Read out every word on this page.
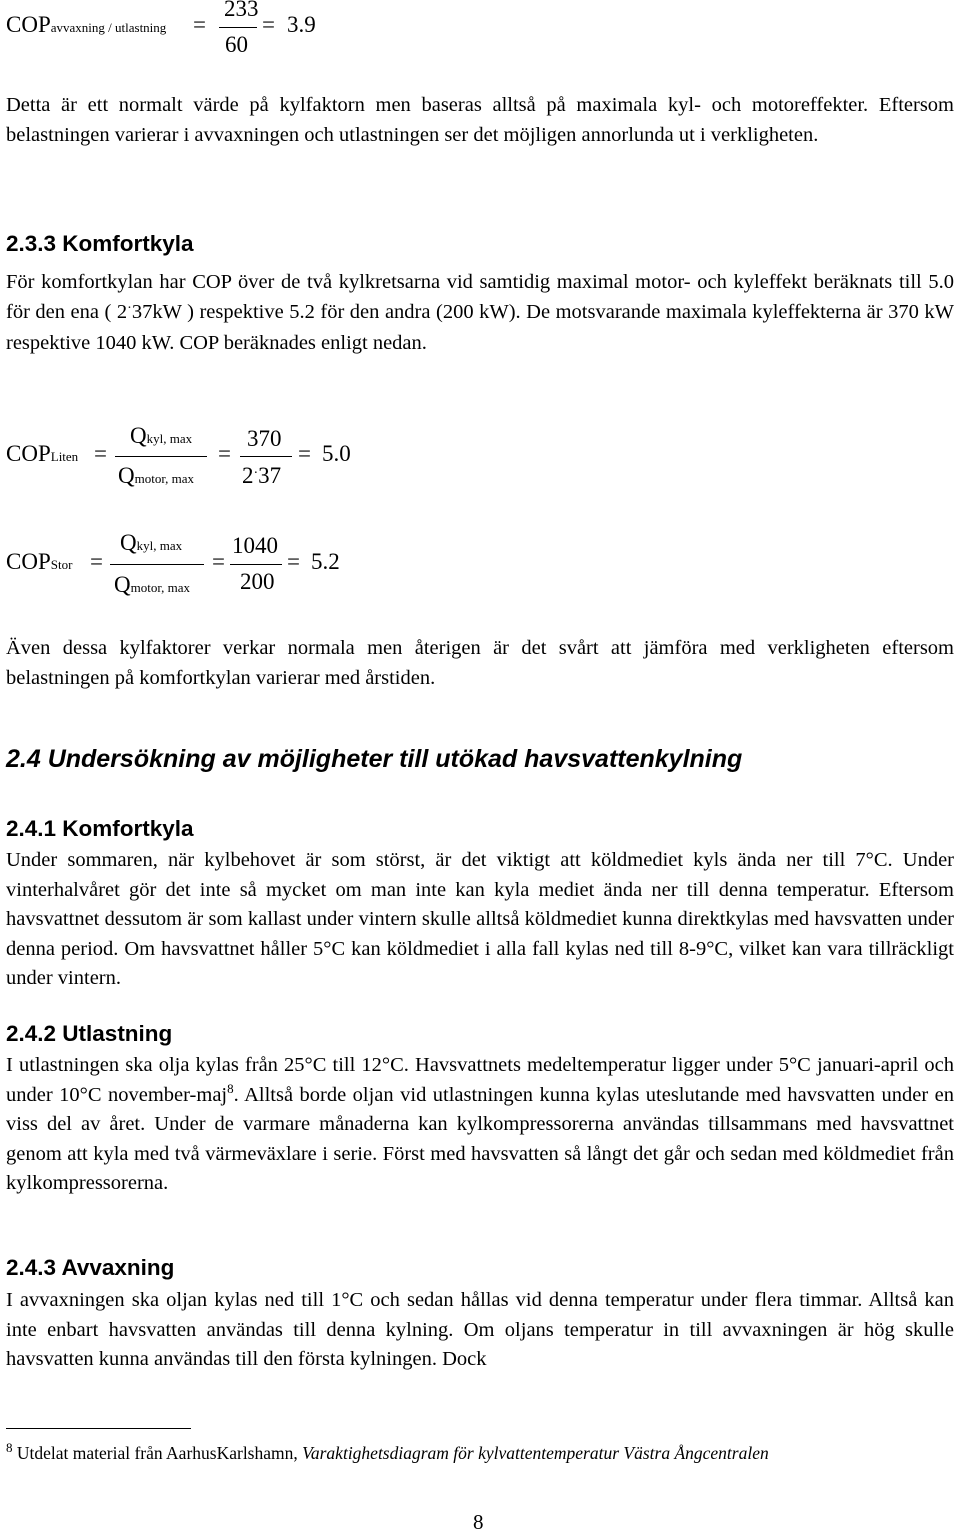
COPavvaxning / utlastning =
233
60
= 3.9

Detta är ett normalt värde på kylfaktorn men baseras alltså på maximala kyl- och motoreffekter. Eftersom belastningen varierar i avvaxningen och utlastningen ser det möjligen annorlunda ut i verkligheten.

2.3.3 Komfortkyla

För komfortkylan har COP över de två kylkretsarna vid samtidig maximal motor- och kyleffekt beräknats till 5.0 för den ena ( 2·37kW ) respektive 5.2 för den andra (200 kW). De motsvarande maximala kyleffekterna är 370 kW respektive 1040 kW. COP beräknades enligt nedan.

COPLiten =
Qkyl, max
Qmotor, max
=
370
2·37
= 5.0
COPStor =
Qkyl, max
Qmotor, max
=
1040
200
= 5.2

Även dessa kylfaktorer verkar normala men återigen är det svårt att jämföra med verkligheten eftersom belastningen på komfortkylan varierar med årstiden.

2.4 Undersökning av möjligheter till utökad havsvattenkylning
2.4.1 Komfortkyla

Under sommaren, när kylbehovet är som störst, är det viktigt att köldmediet kyls ända ner till 7°C. Under vinterhalvåret gör det inte så mycket om man inte kan kyla mediet ända ner till denna temperatur. Eftersom havsvattnet dessutom är som kallast under vintern skulle alltså köldmediet kunna direktkylas med havsvatten under denna period. Om havsvattnet håller 5°C kan köldmediet i alla fall kylas ned till 8-9°C, vilket kan vara tillräckligt under vintern.

2.4.2 Utlastning

I utlastningen ska olja kylas från 25°C till 12°C. Havsvattnets medeltemperatur ligger under 5°C januari-april och under 10°C november-maj$^8$. Alltså borde oljan vid utlastningen kunna kylas uteslutande med havsvatten under en viss del av året. Under de varmare månaderna kan kylkompressorerna användas tillsammans med havsvattnet genom att kyla med två värmeväxlare i serie. Först med havsvatten så långt det går och sedan med köldmediet från kylkompressorerna.

2.4.3 Avvaxning

I avvaxningen ska oljan kylas ned till 1°C och sedan hållas vid denna temperatur under flera timmar. Alltså kan inte enbart havsvatten användas till denna kylning. Om oljans temperatur in till avvaxningen är hög skulle havsvatten kunna användas till den första kylningen. Dock

$^8$ Utdelat material från AarhusKarlshamn, Varaktighetsdiagram för kylvattentemperatur Västra Ångcentralen
8
